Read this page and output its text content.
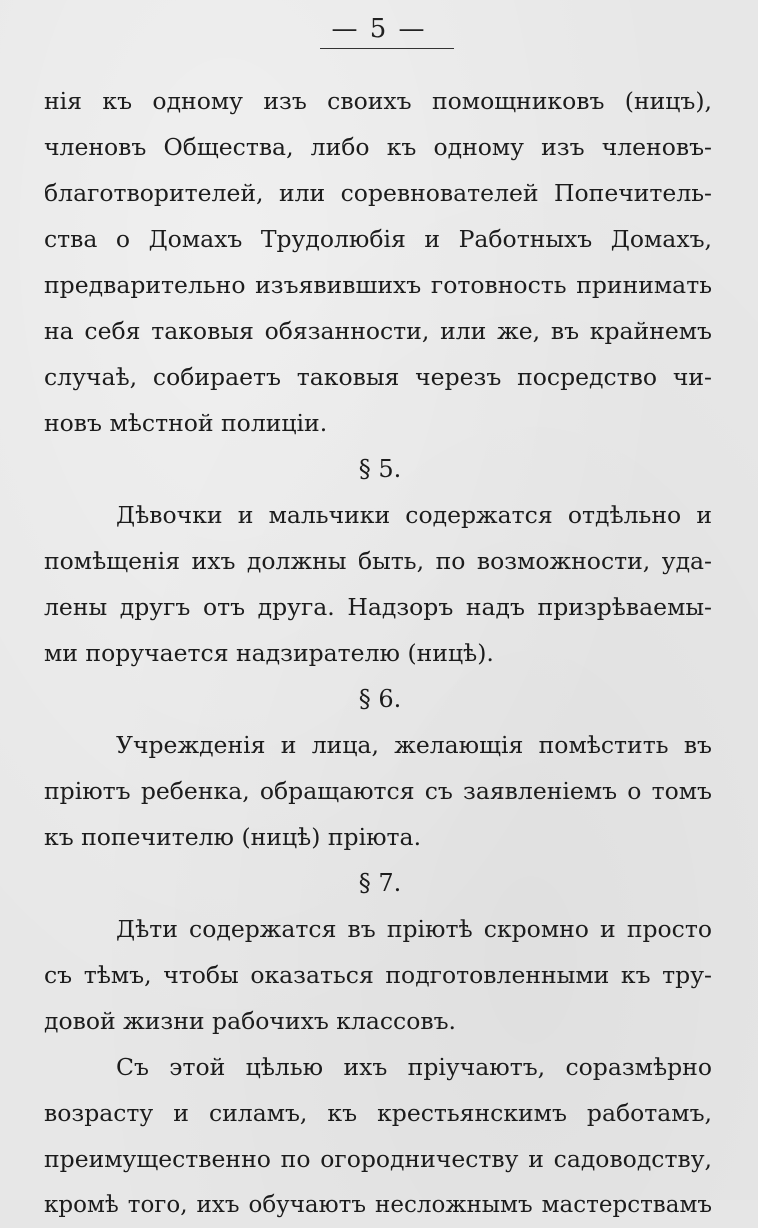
— 5 —
нія къ одному изъ своихъ помощниковъ (ницъ),
членовъ Общества, либо къ одному изъ членовъ-
благотворителей, или соревнователей Попечитель-
ства о Домахъ Трудолюбія и Работныхъ Домахъ,
предварительно изъявившихъ готовность принимать
на себя таковыя обязанности, или же, въ крайнемъ
случаѣ, собираетъ таковыя черезъ посредство чи-
новъ мѣстной полиціи.
§ 5.
Дѣвочки и мальчики содержатся отдѣльно и
помѣщенія ихъ должны быть, по возможности, уда-
лены другъ отъ друга. Надзоръ надъ призрѣваемы-
ми поручается надзирателю (ницѣ).
§ 6.
Учрежденія и лица, желающія помѣстить въ
пріютъ ребенка, обращаются съ заявленіемъ о томъ
къ попечителю (ницѣ) пріюта.
§ 7.
Дѣти содержатся въ пріютѣ скромно и просто
съ тѣмъ, чтобы оказаться подготовленными къ тру-
довой жизни рабочихъ классовъ.
Съ этой цѣлью ихъ пріучаютъ, соразмѣрно
возрасту и силамъ, къ крестьянскимъ работамъ,
преимущественно по огородничеству и садоводству,
кромѣ того, ихъ обучаютъ несложнымъ мастерствамъ
